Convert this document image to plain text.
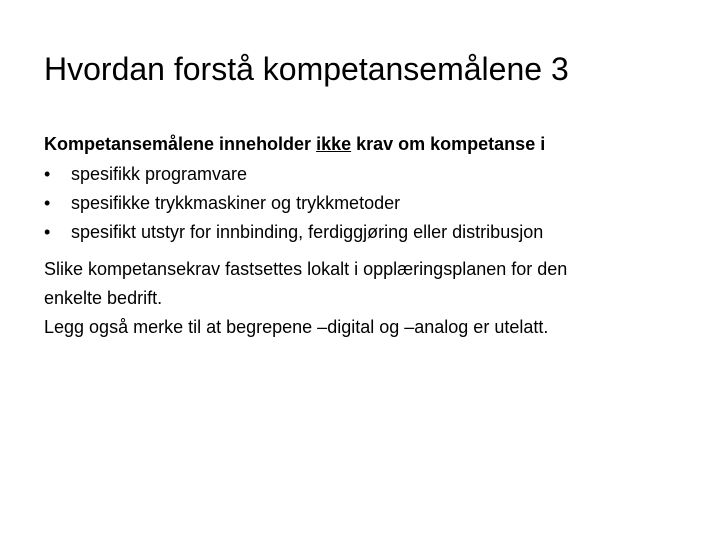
Hvordan forstå kompetansemålene 3
Kompetansemålene inneholder ikke krav om kompetanse i
• spesifikk programvare
• spesifikke trykkmaskiner og trykkmetoder
• spesifikt utstyr for innbinding, ferdiggjøring eller distribusjon
Slike kompetansekrav fastsettes lokalt i opplæringsplanen for den
enkelte bedrift.
Legg også merke til at begrepene –digital og –analog er utelatt.
